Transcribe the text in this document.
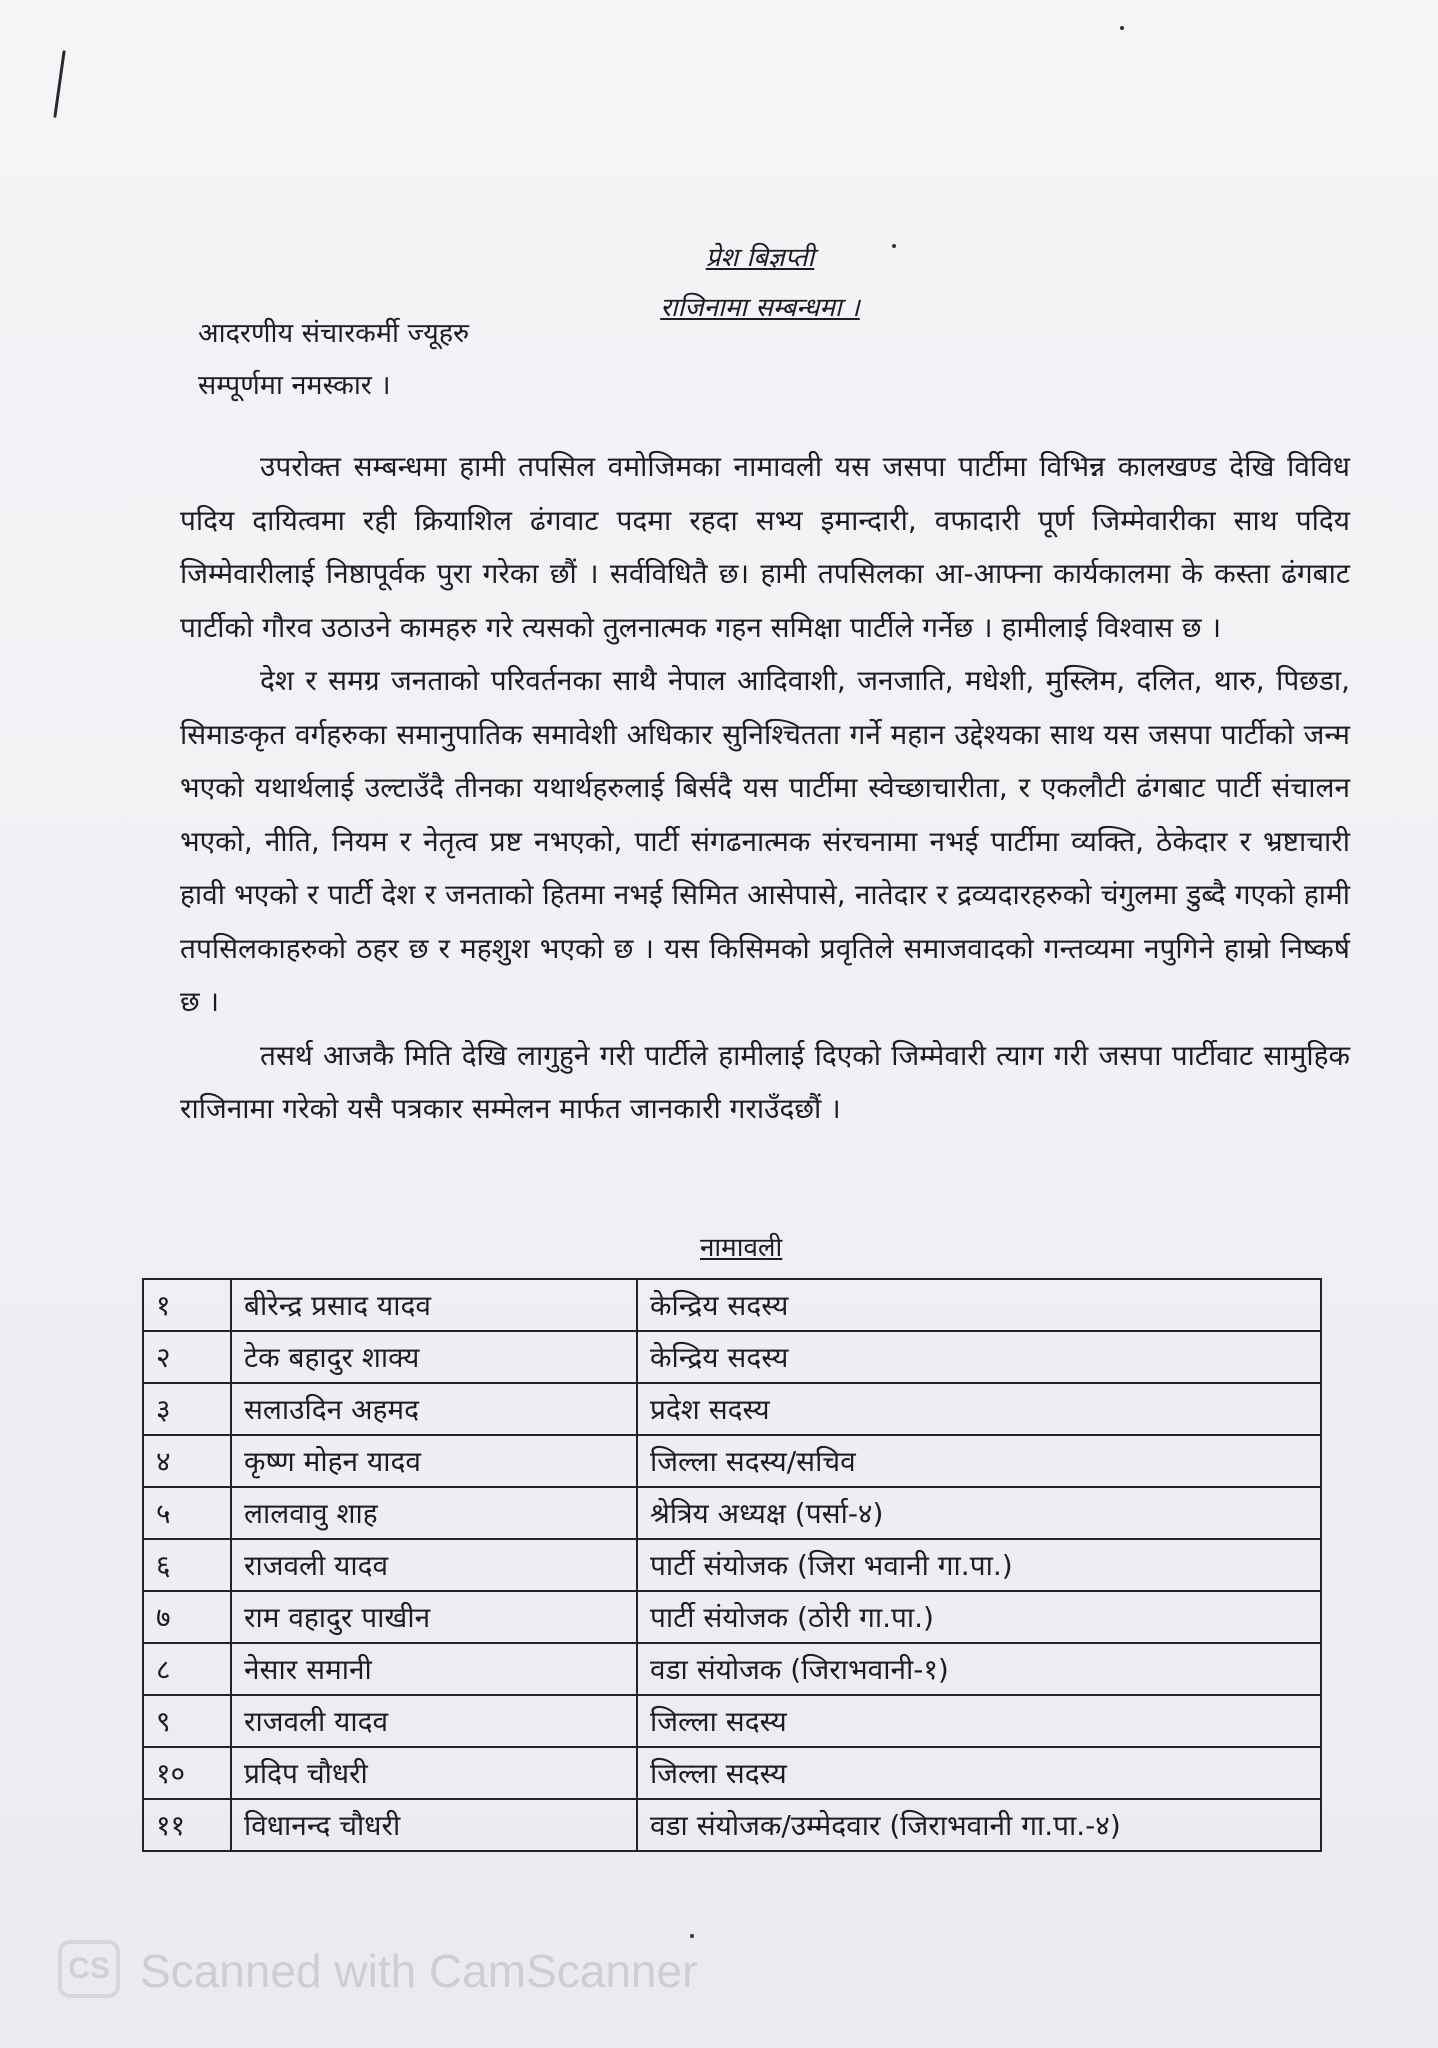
प्रेश बिज्ञप्ती
राजिनामा सम्बन्धमा ।
आदरणीय संचारकर्मी ज्यूहरु
सम्पूर्णमा नमस्कार ।

उपरोक्त सम्बन्धमा हामी तपसिल वमोजिमका नामावली यस जसपा पार्टीमा विभिन्न कालखण्ड देखि विविध पदिय दायित्वमा रही क्रियाशिल ढंगवाट पदमा रहदा सभ्य इमान्दारी, वफादारी पूर्ण जिम्मेवारीका साथ पदिय जिम्मेवारीलाई निष्ठापूर्वक पुरा गरेका छौं । सर्वविधितै छ। हामी तपसिलका आ-आफ्ना कार्यकालमा के कस्ता ढंगबाट पार्टीको गौरव उठाउने कामहरु गरे त्यसको तुलनात्मक गहन समिक्षा पार्टीले गर्नेछ । हामीलाई विश्वास छ ।

देश र समग्र जनताको परिवर्तनका साथै नेपाल आदिवाशी, जनजाति, मधेशी, मुस्लिम, दलित, थारु, पिछडा, सिमाङकृत वर्गहरुका समानुपातिक समावेशी अधिकार सुनिश्चितता गर्ने महान उद्देश्यका साथ यस जसपा पार्टीको जन्म भएको यथार्थलाई उल्टाउँदै तीनका यथार्थहरुलाई बिर्सदै यस पार्टीमा स्वेच्छाचारीता, र एकलौटी ढंगबाट पार्टी संचालन भएको, नीति, नियम र नेतृत्व प्रष्ट नभएको, पार्टी संगढनात्मक संरचनामा नभई पार्टीमा व्यक्ति, ठेकेदार र भ्रष्टाचारी हावी भएको र पार्टी देश र जनताको हितमा नभई सिमित आसेपासे, नातेदार र द्रव्यदारहरुको चंगुलमा डुब्दै गएको हामी तपसिलकाहरुको ठहर छ र महशुश भएको छ । यस किसिमको प्रवृतिले समाजवादको गन्तव्यमा नपुगिने हाम्रो निष्कर्ष छ ।

तसर्थ आजकै मिति देखि लागुहुने गरी पार्टीले हामीलाई दिएको जिम्मेवारी त्याग गरी जसपा पार्टीवाट सामुहिक राजिनामा गरेको यसै पत्रकार सम्मेलन मार्फत जानकारी गराउँदछौं ।

नामावली
१	बीरेन्द्र प्रसाद यादव	केन्द्रिय सदस्य
२	टेक बहादुर शाक्य	केन्द्रिय सदस्य
३	सलाउदिन अहमद	प्रदेश सदस्य
४	कृष्ण मोहन यादव	जिल्ला सदस्य/सचिव
५	लालवावु शाह	श्रेत्रिय अध्यक्ष (पर्सा-४)
६	राजवली यादव	पार्टी संयोजक (जिरा भवानी गा.पा.)
७	राम वहादुर पाखीन	पार्टी संयोजक (ठोरी गा.पा.)
८	नेसार समानी	वडा संयोजक (जिराभवानी-१)
९	राजवली यादव	जिल्ला सदस्य
१०	प्रदिप चौधरी	जिल्ला सदस्य
११	विधानन्द चौधरी	वडा संयोजक/उम्मेदवार (जिराभवानी गा.पा.-४)
CS Scanned with CamScanner
